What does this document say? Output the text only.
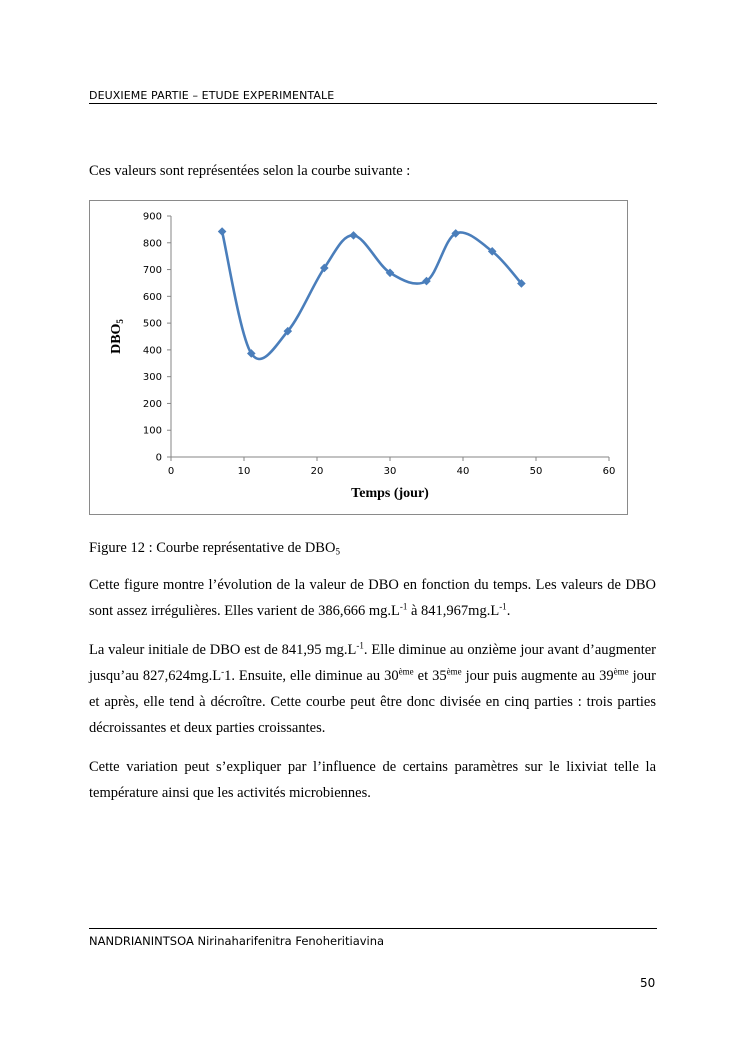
DEUXIEME PARTIE – ETUDE EXPERIMENTALE
Ces valeurs sont représentées selon la courbe suivante :
0
100
200
300
400
500
600
700
800
900
0	10	20	30	40	50	60
Temps (jour)
$DBO_5$
Figure 12 : Courbe représentative de $DBO_5$
Cette figure montre l’évolution de la valeur de DBO en fonction du temps. Les valeurs de DBO sont assez irrégulières. Elles varient de 386,666 $mg.L^{-1}$ à $841,967mg.L^{-1}$.
La valeur initiale de DBO est de 841,95 $mg.L^{-1}$. Elle diminue au onzième jour avant d’augmenter jusqu’au 827,624mg.L-1. Ensuite, elle diminue au 30ème et 35ème jour puis augmente au 39ème jour et après, elle tend à décroître. Cette courbe peut être donc divisée en cinq parties : trois parties décroissantes et deux parties croissantes.
Cette variation peut s’expliquer par l’influence de certains paramètres sur le lixiviat telle la température ainsi que les activités microbiennes.
NANDRIANINTSOA Nirinaharifenitra Fenoheritiavina
50
